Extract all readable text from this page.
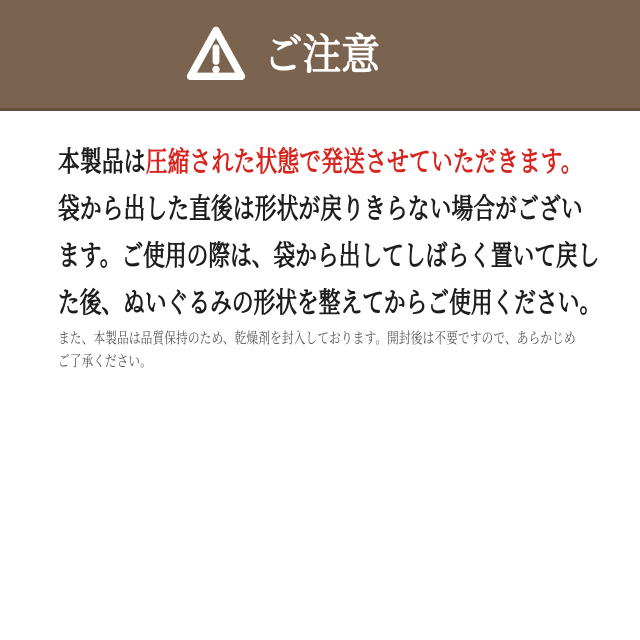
ご注意
本製品は圧縮された状態で発送させていただきます。
袋から出した直後は形状が戻りきらない場合がござい
ます。ご使用の際は、袋から出してしばらく置いて戻し
た後、ぬいぐるみの形状を整えてからご使用ください。
また、本製品は品質保持のため、乾燥剤を封入しております。開封後は不要ですので、あらかじめご了承ください。
